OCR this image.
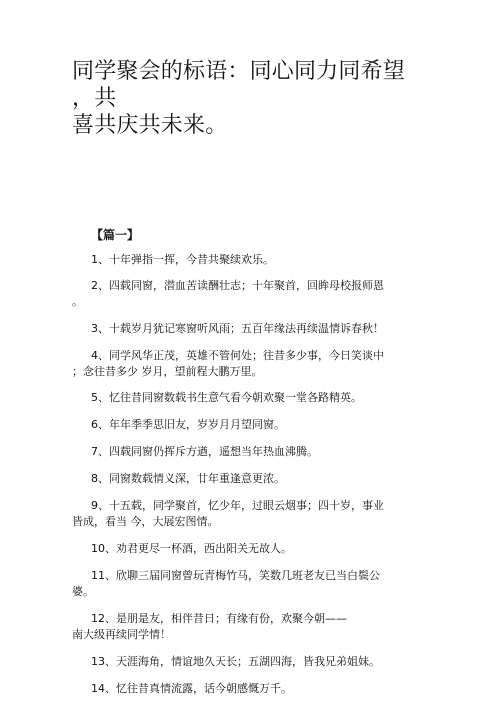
同学聚会的标语：同心同力同希望
，共
喜共庆共未来。
【篇一】
1、十年弹指一挥，今昔共聚续欢乐。
2、四载同窗，潜血苦读酬壮志；十年聚首，回眸母校报师恩
。
3、十载岁月犹记寒窗听风雨；五百年缘法再续温情诉春秋！
4、同学风华正茂，英雄不管何处；往昔多少事，今日笑谈中
；念往昔多少 岁月，望前程大鹏万里。
5、忆往昔同窗数载书生意气看今朝欢聚一堂各路精英。
6、年年季季思旧友，岁岁月月望同窗。
7、四载同窗仍挥斥方遒，遥想当年热血沸腾。
8、同窗数载情义深，廿年重逢意更浓。
9、十五载，同学聚首，忆少年，过眼云烟事；四十岁，事业
皆成，看当 今，大展宏图情。
10、劝君更尽一杯酒，西出阳关无故人。
11、欣聊三届同窗曾玩青梅竹马，笑数几班老友已当白鬓公
婆。
12、是朋是友，相伴昔日；有缘有份，欢聚今朝——
南大级再续同学情！
13、天涯海角，情谊地久天长；五湖四海，皆我兄弟姐妹。
14、忆往昔真情流露，话今朝感慨万千。
